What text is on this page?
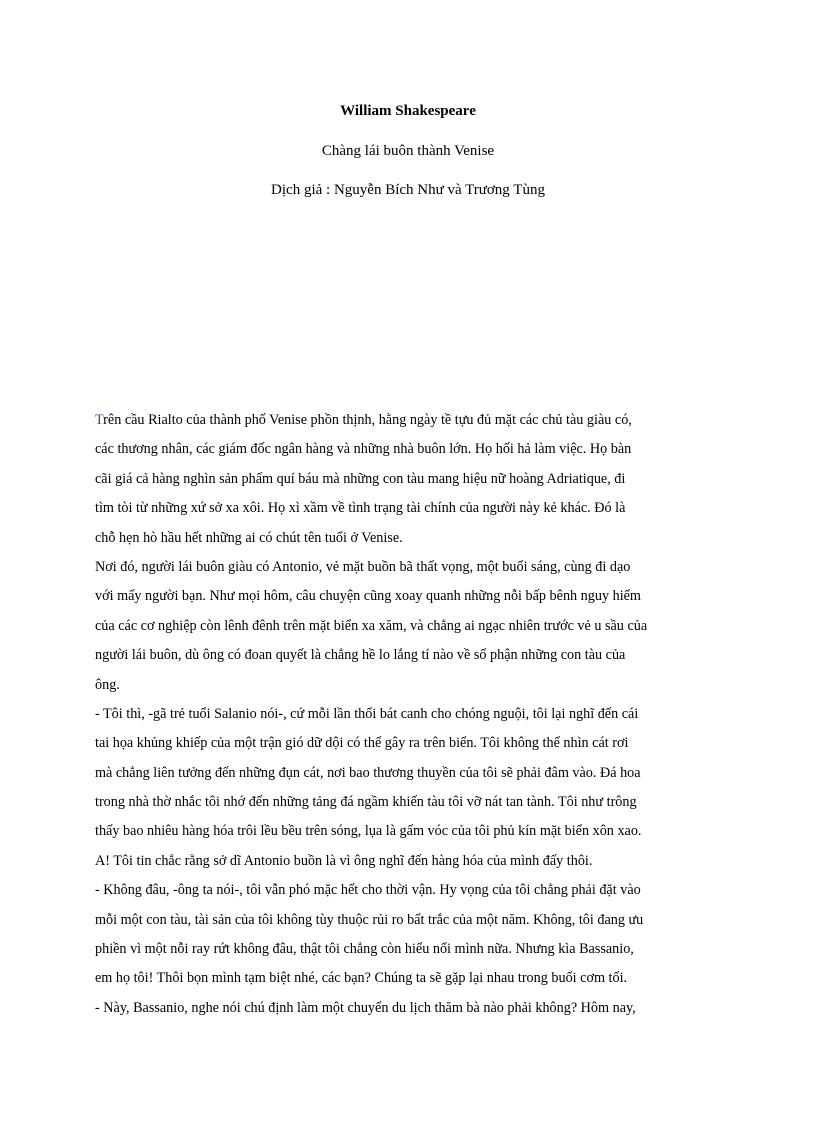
William Shakespeare
Chàng lái buôn thành Venise
Dịch giả : Nguyễn Bích Như và Trương Tùng
Trên cầu Rialto của thành phố Venise phồn thịnh, hằng ngày tề tựu đủ mặt các chủ tàu giàu có,
các thương nhân, các giám đốc ngân hàng và những nhà buôn lớn. Họ hối hả làm việc. Họ bàn
cãi giá cả hàng nghìn sản phẩm quí báu mà những con tàu mang hiệu nữ hoàng Adriatique, đi
tìm tòi từ những xứ sở xa xôi. Họ xì xầm về tình trạng tài chính của người này kẻ khác. Đó là
chỗ hẹn hò hầu hết những ai có chút tên tuổi ở Venise.
Nơi đó, người lái buôn giàu có Antonio, vẻ mặt buồn bã thất vọng, một buổi sáng, cùng đi dạo
với mấy người bạn. Như mọi hôm, câu chuyện cũng xoay quanh những nỗi bấp bênh nguy hiểm
của các cơ nghiệp còn lênh đênh trên mặt biển xa xăm, và chẳng ai ngạc nhiên trước vẻ u sầu của
người lái buôn, dù ông có đoan quyết là chẳng hề lo lắng tí nào về số phận những con tàu của
ông.
- Tôi thì, -gã trẻ tuổi Salanio nói-, cứ mỗi lần thổi bát canh cho chóng nguội, tôi lại nghĩ đến cái
tai họa khủng khiếp của một trận gió dữ dội có thể gây ra trên biển. Tôi không thể nhìn cát rơi
mà chẳng liên tưởng đến những đụn cát, nơi bao thương thuyền của tôi sẽ phải đâm vào. Đá hoa
trong nhà thờ nhắc tôi nhớ đến những tảng đá ngầm khiến tàu tôi vỡ nát tan tành. Tôi như trông
thấy bao nhiêu hàng hóa trôi lều bều trên sóng, lụa là gấm vóc của tôi phủ kín mặt biển xôn xao.
A! Tôi tin chắc rằng sở dĩ Antonio buồn là vì ông nghĩ đến hàng hóa của mình đấy thôi.
- Không đâu, -ông ta nói-, tôi vẫn phó mặc hết cho thời vận. Hy vọng của tôi chẳng phải đặt vào
mỗi một con tàu, tài sản của tôi không tùy thuộc rủi ro bất trắc của một năm. Không, tôi đang ưu
phiền vì một nỗi ray rứt không đâu, thật tôi chẳng còn hiểu nổi mình nữa. Nhưng kìa Bassanio,
em họ tôi! Thôi bọn mình tạm biệt nhé, các bạn? Chúng ta sẽ gặp lại nhau trong buổi cơm tối.
- Này, Bassanio, nghe nói chú định làm một chuyến du lịch thăm bà nào phải không? Hôm nay,
